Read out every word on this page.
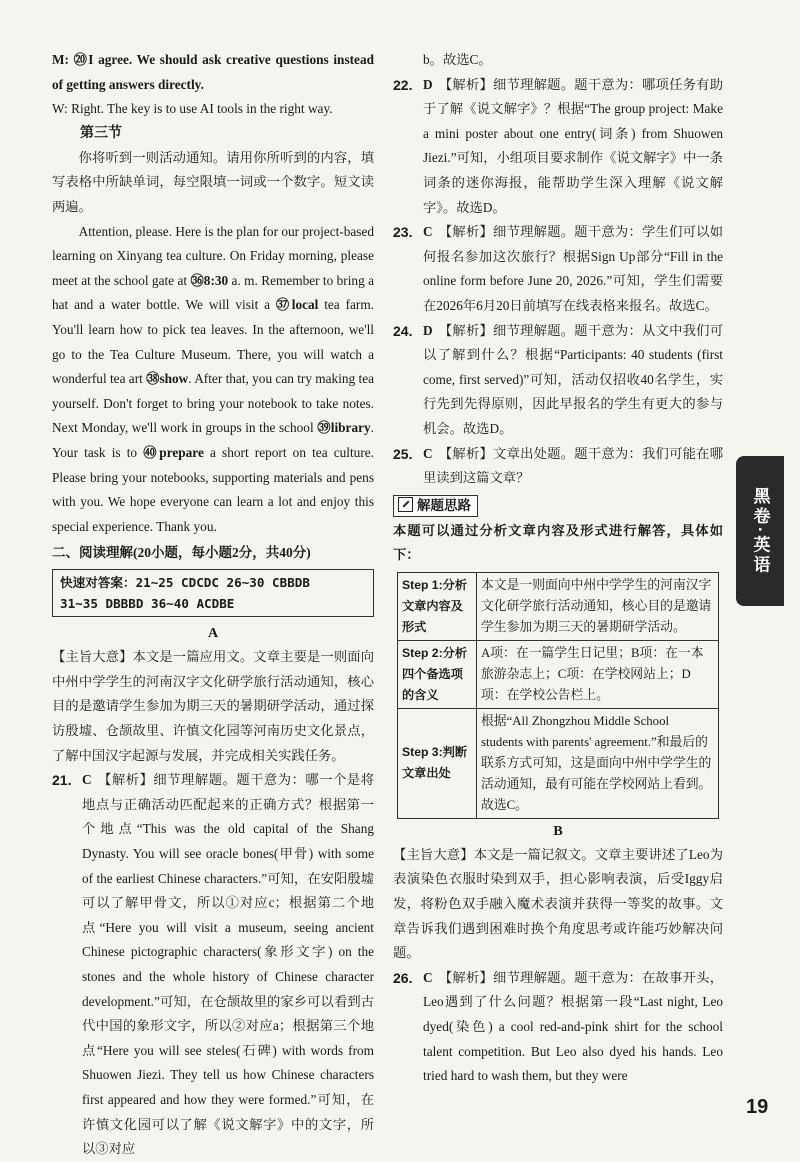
M: ⑳I agree. We should ask creative questions instead of getting answers directly.

W: Right. The key is to use AI tools in the right way.

第三节

你将听到一则活动通知。请用你所听到的内容，填写表格中所缺单词，每空限填一词或一个数字。短文读两遍。

Attention, please. Here is the plan for our project-based learning on Xinyang tea culture. On Friday morning, please meet at the school gate at ㊱8:30 a. m. Remember to bring a hat and a water bottle. We will visit a ㊲local tea farm. You'll learn how to pick tea leaves. In the afternoon, we'll go to the Tea Culture Museum. There, you will watch a wonderful tea art ㊳show. After that, you can try making tea yourself. Don't forget to bring your notebook to take notes. Next Monday, we'll work in groups in the school ㊴library. Your task is to ㊵prepare a short report on tea culture. Please bring your notebooks, supporting materials and pens with you. We hope everyone can learn a lot and enjoy this special experience. Thank you.

二、阅读理解(20小题，每小题2分，共40分)

快速对答案：21~25 CDCDC 26~30 CBBDB
31~35 DBBBD 36~40 ACDBE

A

【主旨大意】本文是一篇应用文。文章主要是一则面向中州中学学生的河南汉字文化研学旅行活动通知，核心目的是邀请学生参加为期三天的暑期研学活动，通过探访殷墟、仓颉故里、许慎文化园等河南历史文化景点，了解中国汉字起源与发展，并完成相关实践任务。

21. C 【解析】细节理解题。题干意为：哪一个是将地点与正确活动匹配起来的正确方式？根据第一个地点“This was the old capital of the Shang Dynasty. You will see oracle bones(甲骨) with some of the earliest Chinese characters.”可知，在安阳殷墟可以了解甲骨文，所以①对应c；根据第二个地点“Here you will visit a museum, seeing ancient Chinese pictographic characters(象形文字) on the stones and the whole history of Chinese character development.”可知，在仓颉故里的家乡可以看到古代中国的象形文字，所以②对应a；根据第三个地点“Here you will see steles(石碑) with words from Shuowen Jiezi. They tell us how Chinese characters first appeared and how they were formed.”可知，在许慎文化园可以了解《说文解字》中的文字，所以③对应

b。故选C。

22. D 【解析】细节理解题。题干意为：哪项任务有助于了解《说文解字》？根据“The group project: Make a mini poster about one entry(词条) from Shuowen Jiezi.”可知，小组项目要求制作《说文解字》中一条词条的迷你海报，能帮助学生深入理解《说文解字》。故选D。
23. C 【解析】细节理解题。题干意为：学生们可以如何报名参加这次旅行？根据Sign Up部分“Fill in the online form before June 20, 2026.”可知，学生们需要在2026年6月20日前填写在线表格来报名。故选C。
24. D 【解析】细节理解题。题干意为：从文中我们可以了解到什么？根据“Participants: 40 students (first come, first served)”可知，活动仅招收40名学生，实行先到先得原则，因此早报名的学生有更大的参与机会。故选D。
25. C 【解析】文章出处题。题干意为：我们可能在哪里读到这篇文章？
解题思路

本题可以通过分析文章内容及形式进行解答，具体如下：

Step 1:分析文章内容及形式	本文是一则面向中州中学学生的河南汉字文化研学旅行活动通知，核心目的是邀请学生参加为期三天的暑期研学活动。
Step 2:分析四个备选项的含义	A项：在一篇学生日记里；B项：在一本旅游杂志上；C项：在学校网站上；D项：在学校公告栏上。
Step 3:判断文章出处	根据“All Zhongzhou Middle School students with parents' agreement.”和最后的联系方式可知，这是面向中州中学学生的活动通知，最有可能在学校网站上看到。故选C。

B

【主旨大意】本文是一篇记叙文。文章主要讲述了Leo为表演染色衣服时染到双手，担心影响表演，后受Iggy启发，将粉色双手融入魔术表演并获得一等奖的故事。文章告诉我们遇到困难时换个角度思考或许能巧妙解决问题。

26. C 【解析】细节理解题。题干意为：在故事开头，Leo遇到了什么问题？根据第一段“Last night, Leo dyed(染色) a cool red-and-pink shirt for the school talent competition. But Leo also dyed his hands. Leo tried hard to wash them, but they were
黑卷·英语
19
